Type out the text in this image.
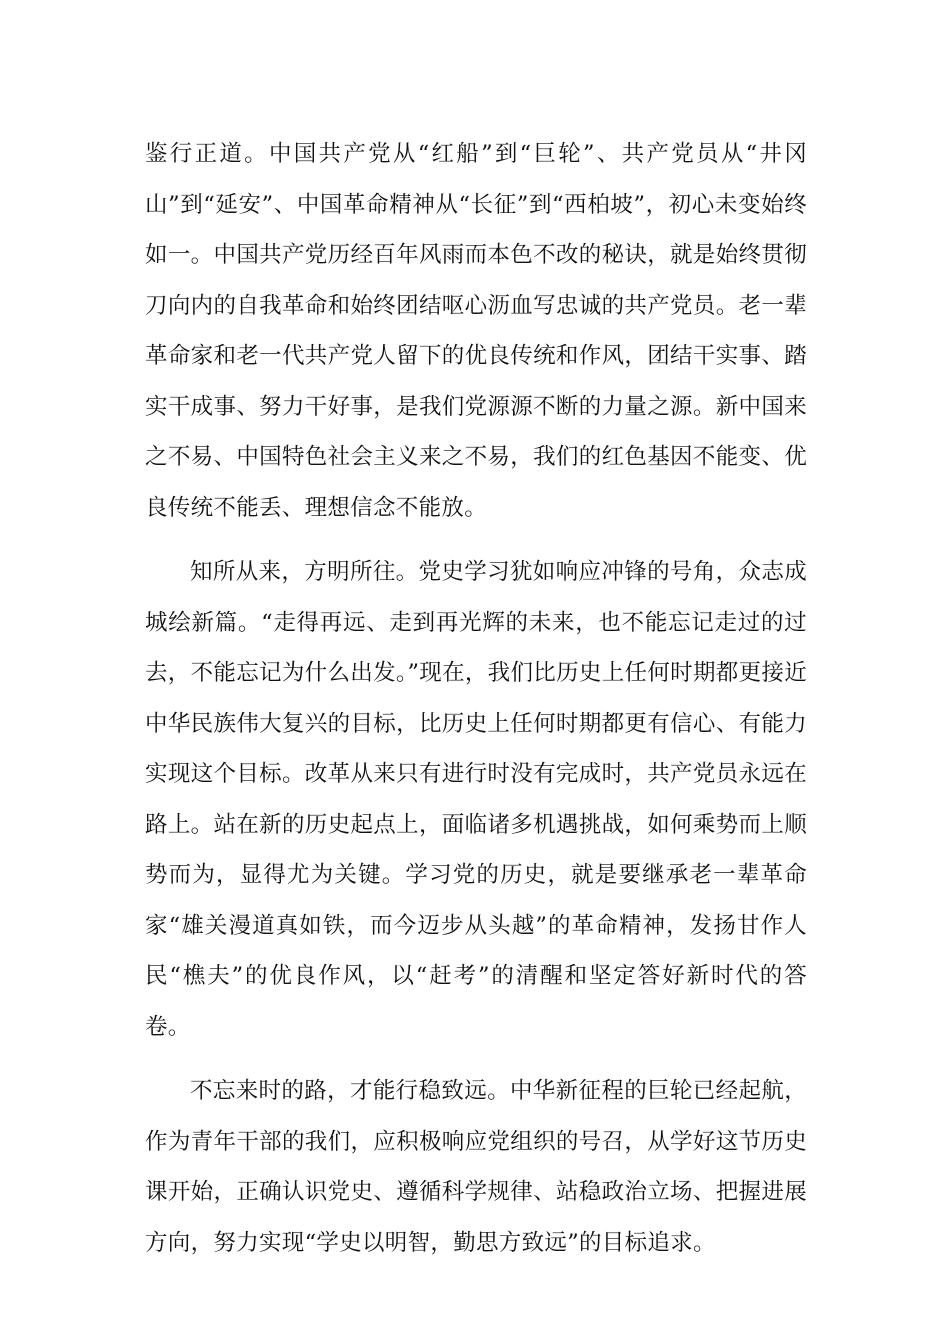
鉴行正道。中国共产党从“红船”到“巨轮”、共产党员从“井冈山”到“延安”、中国革命精神从“长征”到“西柏坡”，初心未变始终如一。中国共产党历经百年风雨而本色不改的秘诀，就是始终贯彻刀向内的自我革命和始终团结呕心沥血写忠诚的共产党员。老一辈革命家和老一代共产党人留下的优良传统和作风，团结干实事、踏实干成事、努力干好事，是我们党源源不断的力量之源。新中国来之不易、中国特色社会主义来之不易，我们的红色基因不能变、优良传统不能丢、理想信念不能放。

知所从来，方明所往。党史学习犹如响应冲锋的号角，众志成城绘新篇。“走得再远、走到再光辉的未来，也不能忘记走过的过去，不能忘记为什么出发。”现在，我们比历史上任何时期都更接近中华民族伟大复兴的目标，比历史上任何时期都更有信心、有能力实现这个目标。改革从来只有进行时没有完成时，共产党员永远在路上。站在新的历史起点上，面临诸多机遇挑战，如何乘势而上顺势而为，显得尤为关键。学习党的历史，就是要继承老一辈革命家“雄关漫道真如铁，而今迈步从头越”的革命精神，发扬甘作人民“樵夫”的优良作风，以“赶考”的清醒和坚定答好新时代的答卷。

不忘来时的路，才能行稳致远。中华新征程的巨轮已经起航，作为青年干部的我们，应积极响应党组织的号召，从学好这节历史课开始，正确认识党史、遵循科学规律、站稳政治立场、把握进展方向，努力实现“学史以明智，勤思方致远”的目标追求。
